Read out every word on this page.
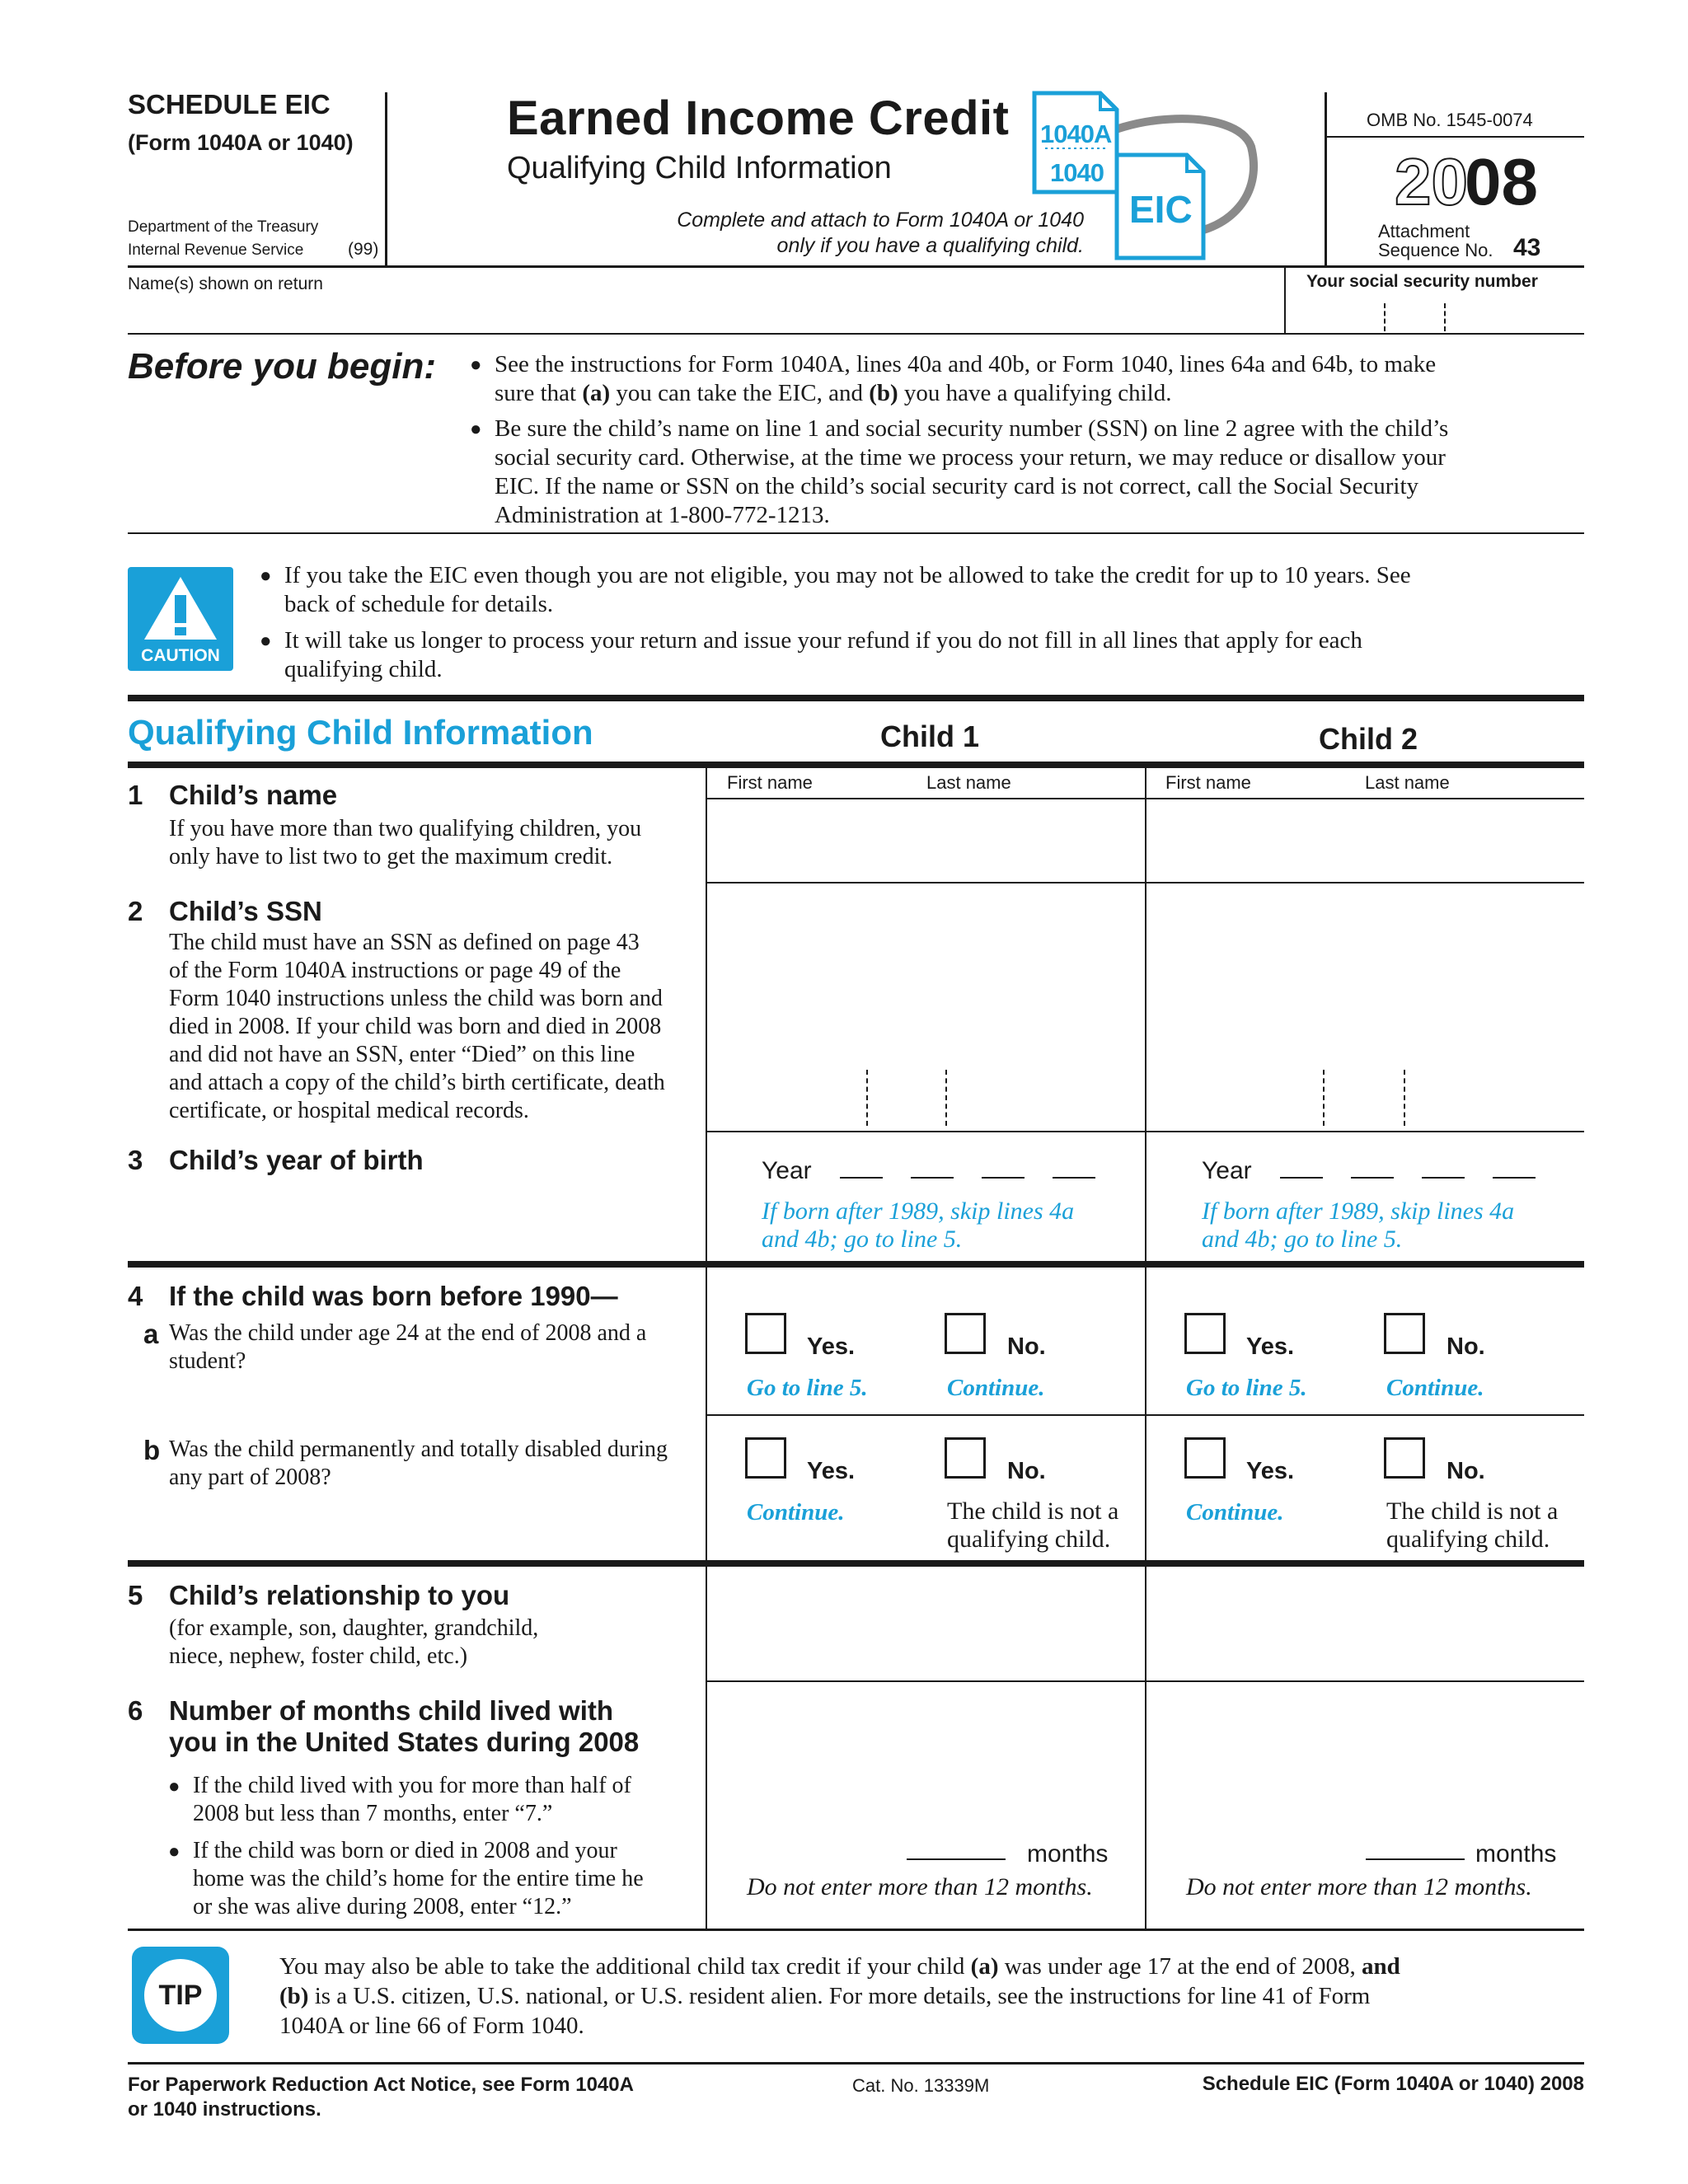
SCHEDULE EIC
(Form 1040A or 1040)
Department of the Treasury
Internal Revenue Service	(99)
Earned Income Credit
Qualifying Child Information
Complete and attach to Form 1040A or 1040
only if you have a qualifying child.
1040A
1040
EIC
OMB No. 1545-0074
20
08
Attachment
Sequence No. 43
Name(s) shown on return	Your social security number
Before you begin:
● See the instructions for Form 1040A, lines 40a and 40b, or Form 1040, lines 64a and 64b, to make
sure that (a) you can take the EIC, and (b) you have a qualifying child.
● Be sure the child’s name on line 1 and social security number (SSN) on line 2 agree with the child’s
social security card. Otherwise, at the time we process your return, we may reduce or disallow your
EIC. If the name or SSN on the child’s social security card is not correct, call the Social Security
Administration at 1-800-772-1213.
CAUTION
● If you take the EIC even though you are not eligible, you may not be allowed to take the credit for up to 10 years. See
back of schedule for details.
● It will take us longer to process your return and issue your refund if you do not fill in all lines that apply for each
qualifying child.
Qualifying Child Information	Child 1	Child 2
1 Child’s name
If you have more than two qualifying children, you
only have to list two to get the maximum credit.
First name	Last name	First name	Last name
2 Child’s SSN
The child must have an SSN as defined on page 43
of the Form 1040A instructions or page 49 of the
Form 1040 instructions unless the child was born and
died in 2008. If your child was born and died in 2008
and did not have an SSN, enter “Died” on this line
and attach a copy of the child’s birth certificate, death
certificate, or hospital medical records.
3 Child’s year of birth	Year
If born after 1989, skip lines 4a
and 4b; go to line 5.
Year
If born after 1989, skip lines 4a
and 4b; go to line 5.
4 If the child was born before 1990—
a Was the child under age 24 at the end of 2008 and a
student?
Yes.	No.
Go to line 5.	Continue.
Yes.	No.
Go to line 5.	Continue.
b Was the child permanently and totally disabled during
any part of 2008?	Yes.	No.
Continue.	The child is not a
qualifying child.
Yes.	No.
Continue.	The child is not a
qualifying child.
5 Child’s relationship to you
(for example, son, daughter, grandchild,
niece, nephew, foster child, etc.)
6 Number of months child lived with
you in the United States during 2008
● If the child lived with you for more than half of
2008 but less than 7 months, enter “7.”
● If the child was born or died in 2008 and your
home was the child’s home for the entire time he
or she was alive during 2008, enter “12.”
months
Do not enter more than 12 months.
months
Do not enter more than 12 months.
TIP
You may also be able to take the additional child tax credit if your child (a) was under age 17 at the end of 2008, and
(b) is a U.S. citizen, U.S. national, or U.S. resident alien. For more details, see the instructions for line 41 of Form
1040A or line 66 of Form 1040.
For Paperwork Reduction Act Notice, see Form 1040A
or 1040 instructions.
Cat. No. 13339M	Schedule EIC (Form 1040A or 1040) 2008
